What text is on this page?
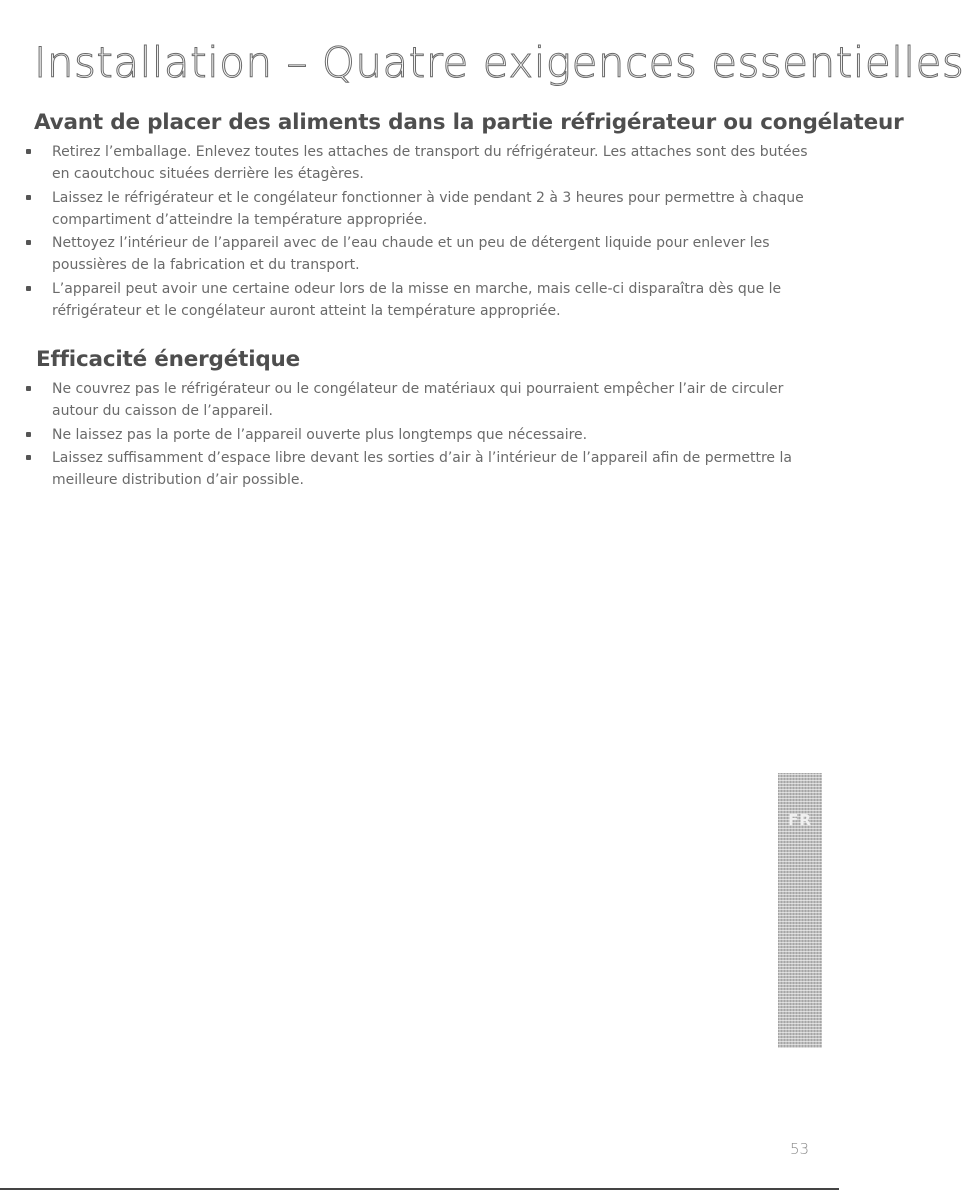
Installation – Quatre exigences essentielles
Avant de placer des aliments dans la partie réfrigérateur ou congélateur
Retirez l’emballage. Enlevez toutes les attaches de transport du réfrigérateur. Les attaches sont des butées en caoutchouc situées derrière les étagères.
Laissez le réfrigérateur et le congélateur fonctionner à vide pendant 2 à 3 heures pour permettre à chaque compartiment d’atteindre la température appropriée.
Nettoyez l’intérieur de l’appareil avec de l’eau chaude et un peu de détergent liquide pour enlever les poussières de la fabrication et du transport.
L’appareil peut avoir une certaine odeur lors de la misse en marche, mais celle-ci disparaîtra dès que le réfrigérateur et le congélateur auront atteint la température appropriée.
Efficacité énergétique
Ne couvrez pas le réfrigérateur ou le congélateur de matériaux qui pourraient empêcher l’air de circuler autour du caisson de l’appareil.
Ne laissez pas la porte de l’appareil ouverte plus longtemps que nécessaire.
Laissez suffisamment d’espace libre devant les sorties d’air à l’intérieur de l’appareil afin de permettre la meilleure distribution d’air possible.
FR
53
